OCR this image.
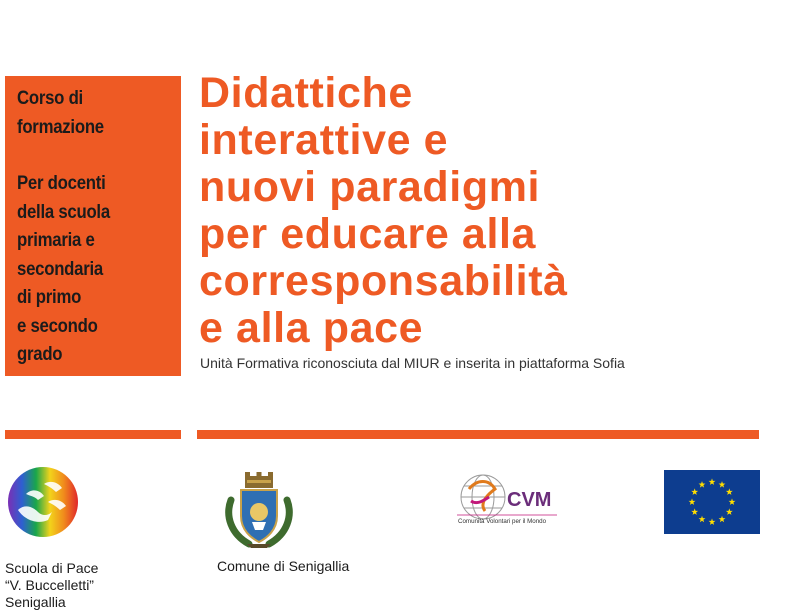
Corso di
formazione
Per docenti
della scuola
primaria e
secondaria
di primo
e secondo
grado
Didattiche
interattive e
nuovi paradigmi
per educare alla
corresponsabilità
e alla pace
Unità Formativa riconosciuta dal MIUR e inserita in piattaforma Sofia
Scuola di Pace
“V. Buccelletti”
Senigallia
Comune di Senigallia
CVM
Comunità Volontari per il Mondo
